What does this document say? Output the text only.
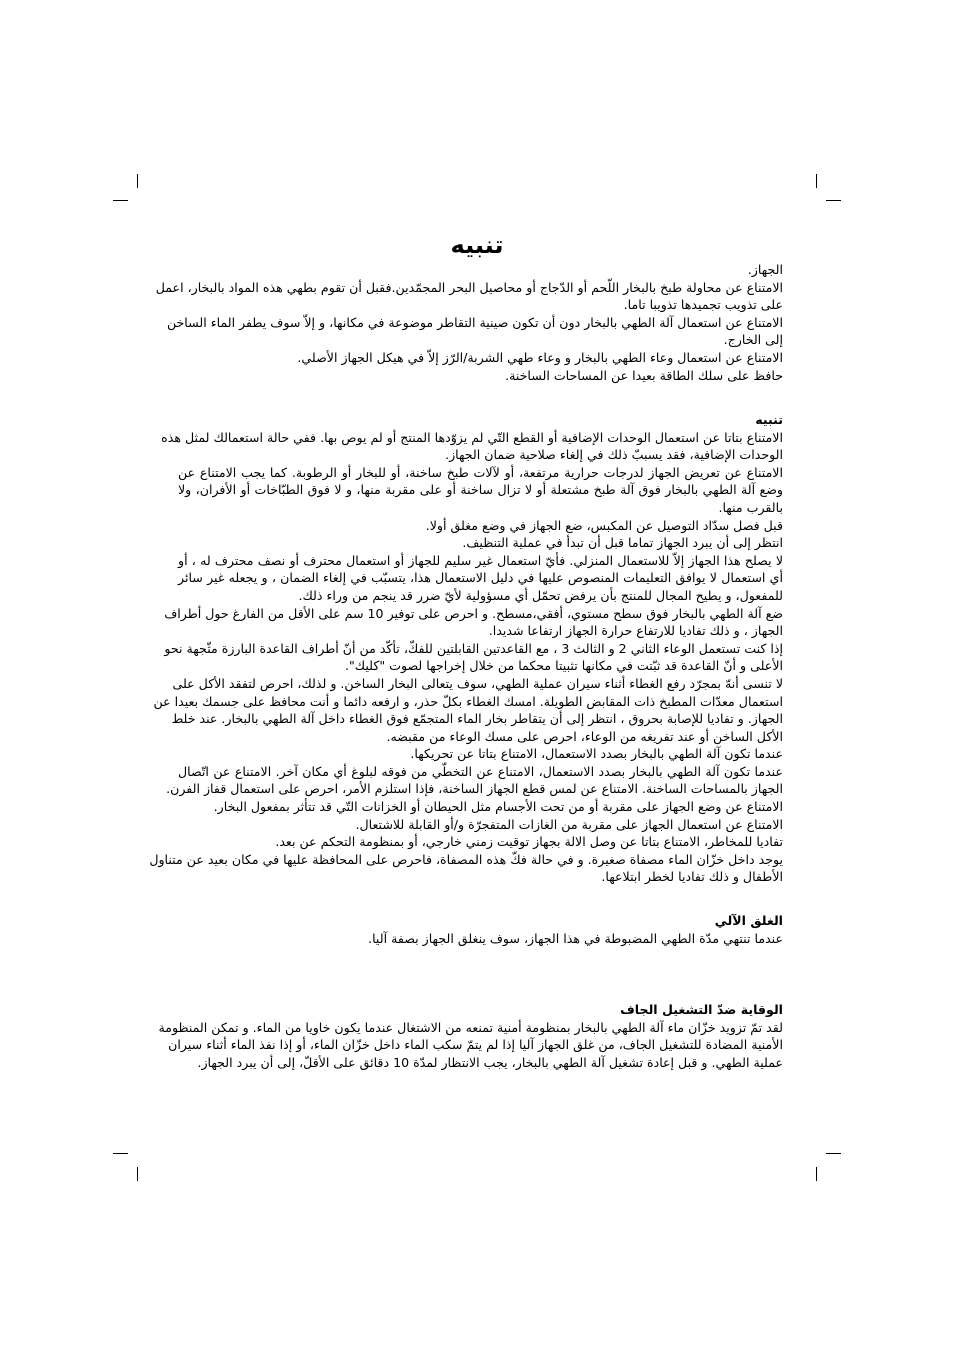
تنبيه
الجهاز.
الامتناع عن محاولة طبخ بالبخار اللّحم أو الدّجاج أو محاصيل البحر المجمّدين.فقبل أن تقوم بطهي هذه المواد بالبخار، اعمل
على تذويب تجميدها تذويبا تاما.
الامتناع عن استعمال آلة الطهي بالبخار دون أن تكون صينية التقاطر موضوعة في مكانها، و إلاّ سوف يطفر الماء الساخن
إلى الخارج.
الامتناع عن استعمال وعاء الطهي بالبخار و وعاء طهي الشربة/الرّز إلاّ في هيكل الجهاز الأصلي.
حافظ على سلك الطاقة بعيدا عن المساحات الساخنة.
تنبيه
الامتناع بتاتا عن استعمال الوحدات الإضافية أو القطع التّي لم يزوّدها المنتج أو لم يوص بها. ففي حالة استعمالك لمثل هذه
الوحدات الإضافية، فقد يسببّ ذلك في إلغاء صلاحية ضمان الجهاز.
الامتناع عن تعريض الجهاز لدرجات حرارية مرتفعة، أو لآلات طبخ ساخنة، أو للبخار أو الرطوبة. كما يجب الامتناع عن
وضع آلة الطهي بالبخار فوق آلة طبخ مشتعلة أو لا تزال ساخنة أو على مقربة منها، و لا فوق الطبّاخات أو الأفران، ولا
بالقرب منها.
قبل فصل سدّاد التوصيل عن المكبس، ضع الجهاز في وضع مغلق أولا.
انتظر إلى أن يبرد الجهاز تماما قبل أن تبدأ في عملية التنظيف.
لا يصلح هذا الجهاز إلاّ للاستعمال المنزلي. فأيّ استعمال غير سليم للجهاز أو استعمال محترف أو نصف محترف له ، أو
أي استعمال لا يوافق التعليمات المنصوص عليها في دليل الاستعمال هذا، يتسبّب في إلغاء الضمان ، و يجعله غير سائر
للمفعول، و يطيح المجال للمنتج بأن يرفض تحمّل أي مسؤولية لأيّ ضرر قد ينجم من وراء ذلك.
ضع آلة الطهي بالبخار فوق سطح مستوي، أفقي،مسطح. و احرص على توفير 10 سم على الأقل من الفارغ حول أطراف
الجهاز ، و ذلك تفاديا للارتفاع حرارة الجهاز ارتفاعا شديدا.
إذا كنت تستعمل الوعاء الثاني 2 و الثالث 3 ، مع القاعدتين القابلتين للفكّ، تأكّد من أنّ أطراف القاعدة البارزة مثّجهة نحو
الأعلى و أنّ القاعدة قد ثبّتت في مكانها تثبيتا محكما من خلال إخراجها لصوت "كليك".
لا تنسى أنهّ بمجرّد رفع الغطاء أثناء سيران عملية الطهي، سوف يتعالى البخار الساخن. و لذلك، احرص لتفقد الأكل على
استعمال معدّات المطبخ ذات المقابض الطويلة. امسك الغطاء بكلّ حذر، و ارفعه دائما و أنت محافظ على جسمك بعيدا عن
الجهاز. و تفاديا للإصابة بحروق ، انتظر إلى أن يتقاطر بخار الماء المتجمّع فوق الغطاء داخل آلة الطهي بالبخار. عند خلط
الأكل الساخن أو عند تفريغه من الوعاء، احرص على مسك الوعاء من مقبضه.
عندما تكون آلة الطهي بالبخار بصدد الاستعمال، الامتناع بتاتا عن تحريكها.
عندما تكون آلة الطهي بالبخار بصدد الاستعمال، الامتناع عن التخطّي من فوقه لبلوغ أي مكان آخر. الامتناع عن اتّصال
الجهاز بالمساحات الساخنة. الامتناع عن لمس قطع الجهاز الساخنة، فإذا استلزم الأمر، احرص على استعمال قفاز الفرن.
الامتناع عن وضع الجهاز على مقربة أو من تحت الأجسام مثل الحيطان أو الخزانات التّي قد تتأثر بمفعول البخار.
الامتناع عن استعمال الجهاز على مقربة من الغازات المتفجرّة و/أو القابلة للاشتعال.
تفاديا للمخاطر، الامتناع بتاتا عن وصل الالة بجهاز توقيت زمني خارجي، أو بمنظومة التحكم عن بعد.
يوجد داخل خزّان الماء مصفاة صغيرة. و في حالة فكّ هذه المصفاة، فاحرص على المحافظة عليها في مكان بعيد عن متناول
الأطفال و ذلك تفاديا لخطر ابتلاعها.
الغلق الآلي
عندما تنتهي مدّة الطهي المضبوطة في هذا الجهاز، سوف ينغلق الجهاز بصفة آليا.
الوقاية ضدّ التشغيل الجاف
لقد تمّ تزويد خزّان ماء آلة الطهي بالبخار بمنظومة أمنية تمنعه من الاشتغال عندما يكون خاويا من الماء. و تمكن المنظومة
الأمنية المضادة للتشغيل الجاف، من غلق الجهاز آليا إذا لم يتمّ سكب الماء داخل خزّان الماء، أو إذا نفذ الماء أثناء سيران
عملية الطهي. و قبل إعادة تشغيل آلة الطهي بالبخار، يجب الانتظار لمدّة 10 دقائق على الأقلّ، إلى أن يبرد الجهاز.
